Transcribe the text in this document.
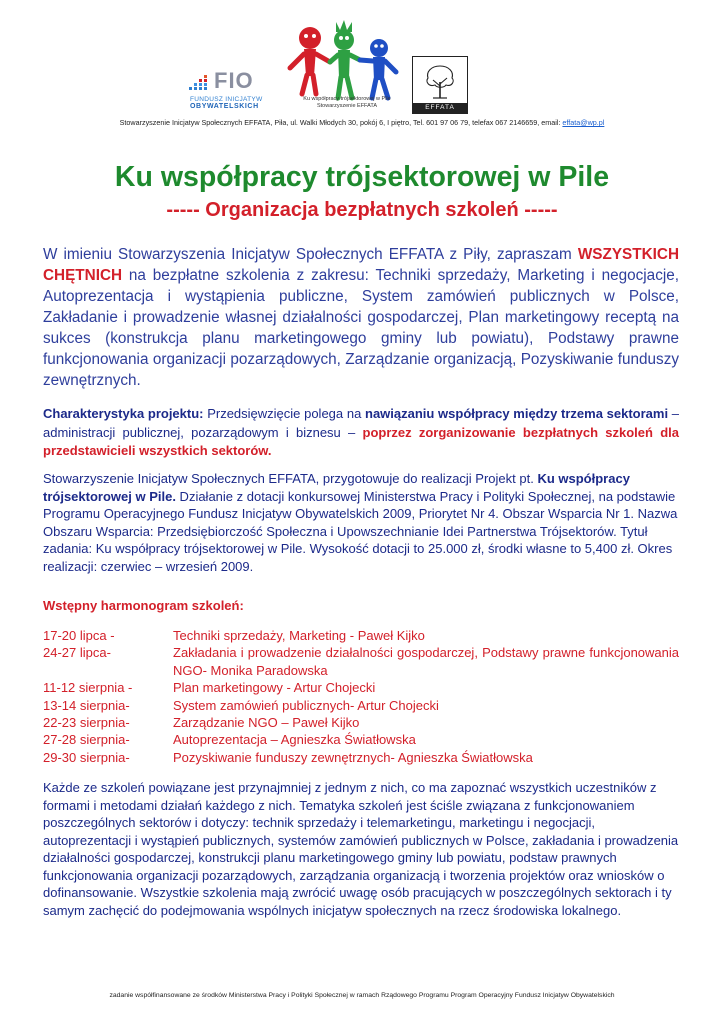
FIO
FUNDUSZ INICJATYW
OBYWATELSKICH
Ku współpracy trójsektorowej w Pile
Stowarzyszenie EFFATA	EFFATA
Stowarzyszenie Inicjatyw Społecznych EFFATA, Piła, ul. Walki Młodych 30, pokój 6, I piętro, Tel. 601 97 06 79, telefax 067 2146659, email: effata@wp.pl
Ku współpracy trójsektorowej w Pile
----- Organizacja bezpłatnych szkoleń -----
W imieniu Stowarzyszenia Inicjatyw Społecznych EFFATA z Piły, zapraszam WSZYSTKICH CHĘTNICH na bezpłatne szkolenia z zakresu: Techniki sprzedaży, Marketing i negocjacje, Autoprezentacja i wystąpienia publiczne, System zamówień publicznych w Polsce, Zakładanie i prowadzenie własnej działalności gospodarczej, Plan marketingowy receptą na sukces (konstrukcja planu marketingowego gminy lub powiatu), Podstawy prawne funkcjonowania organizacji pozarządowych, Zarządzanie organizacją, Pozyskiwanie funduszy zewnętrznych.
Charakterystyka projektu: Przedsięwzięcie polega na nawiązaniu współpracy między trzema sektorami – administracji publicznej, pozarządowym i biznesu – poprzez zorganizowanie bezpłatnych szkoleń dla przedstawicieli wszystkich sektorów.
Stowarzyszenie Inicjatyw Społecznych EFFATA, przygotowuje do realizacji Projekt pt. Ku współpracy trójsektorowej w Pile. Działanie z dotacji konkursowej Ministerstwa Pracy i Polityki Społecznej, na podstawie Programu Operacyjnego Fundusz Inicjatyw Obywatelskich 2009, Priorytet Nr 4. Obszar Wsparcia Nr 1. Nazwa Obszaru Wsparcia: Przedsiębiorczość Społeczna i Upowszechnianie Idei Partnerstwa Trójsektorów. Tytuł zadania: Ku współpracy trójsektorowej w Pile. Wysokość dotacji to 25.000 zł, środki własne to 5,400 zł. Okres realizacji: czerwiec – wrzesień 2009.
Wstępny harmonogram szkoleń:
17-20 lipca -	Techniki sprzedaży, Marketing - Paweł Kijko
24-27 lipca-	Zakładania i prowadzenie działalności gospodarczej, Podstawy prawne funkcjonowania NGO- Monika Paradowska
11-12 sierpnia -	Plan marketingowy - Artur Chojecki
13-14 sierpnia-	System zamówień publicznych- Artur Chojecki
22-23 sierpnia-	Zarządzanie NGO – Paweł Kijko
27-28 sierpnia-	Autoprezentacja – Agnieszka Światłowska
29-30 sierpnia-	Pozyskiwanie funduszy zewnętrznych- Agnieszka Światłowska
Każde ze szkoleń powiązane jest przynajmniej z jednym z nich, co ma zapoznać wszystkich uczestników z formami i metodami działań każdego z nich. Tematyka szkoleń jest ściśle związana z funkcjonowaniem poszczególnych sektorów i dotyczy: technik sprzedaży i telemarketingu, marketingu i negocjacji, autoprezentacji i wystąpień publicznych, systemów zamówień publicznych w Polsce, zakładania i prowadzenia działalności gospodarczej, konstrukcji planu marketingowego gminy lub powiatu, podstaw prawnych funkcjonowania organizacji pozarządowych, zarządzania organizacją i tworzenia projektów oraz wniosków o dofinansowanie. Wszystkie szkolenia mają zwrócić uwagę osób pracujących w poszczególnych sektorach i ty samym zachęcić do podejmowania wspólnych inicjatyw społecznych na rzecz środowiska lokalnego.
zadanie współfinansowane ze środków Ministerstwa Pracy i Polityki Społecznej w ramach Rządowego Programu Program Operacyjny Fundusz Inicjatyw Obywatelskich
